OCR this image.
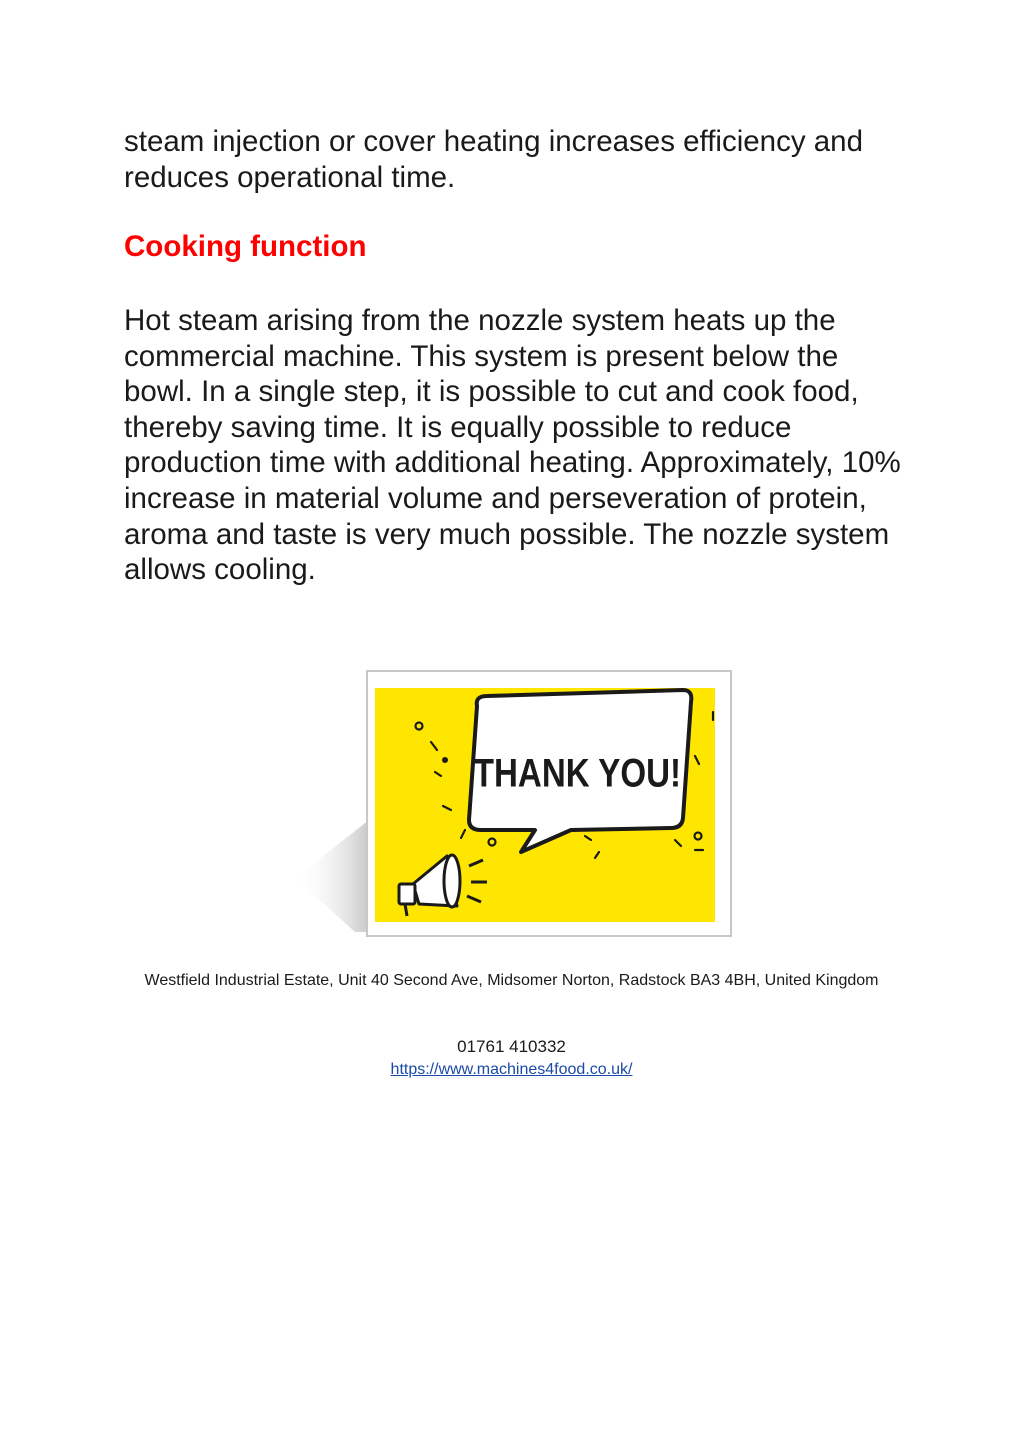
steam injection or cover heating increases efficiency and reduces operational time.

Cooking function

Hot steam arising from the nozzle system heats up the commercial machine. This system is present below the bowl. In a single step, it is possible to cut and cook food, thereby saving time. It is equally possible to reduce production time with additional heating. Approximately, 10% increase in material volume and perseveration of protein, aroma and taste is very much possible. The nozzle system allows cooling.

THANK YOU!

Westfield Industrial Estate, Unit 40 Second Ave, Midsomer Norton, Radstock BA3 4BH, United Kingdom

01761 410332

https://www.machines4food.co.uk/
